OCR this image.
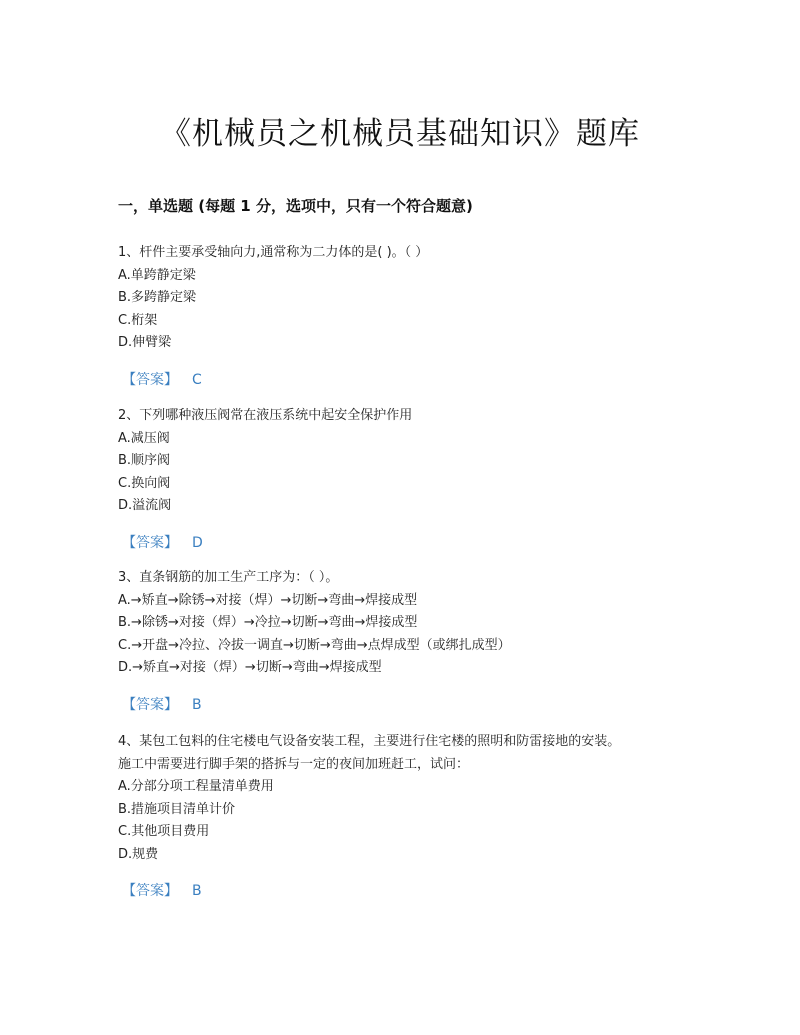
《机械员之机械员基础知识》题库
一，单选题 (每题 1 分，选项中，只有一个符合题意)
1、杆件主要承受轴向力,通常称为二力体的是( )。（ ）
A.单跨静定梁
B.多跨静定梁
C.桁架
D.伸臂梁
【答案】 C
2、下列哪种液压阀常在液压系统中起安全保护作用
A.减压阀
B.顺序阀
C.换向阀
D.溢流阀
【答案】 D
3、直条钢筋的加工生产工序为：（ ）。
A.→矫直→除锈→对接（焊）→切断→弯曲→焊接成型
B.→除锈→对接（焊）→冷拉→切断→弯曲→焊接成型
C.→开盘→冷拉、冷拔一调直→切断→弯曲→点焊成型（或绑扎成型）
D.→矫直→对接（焊）→切断→弯曲→焊接成型
【答案】 B
4、某包工包料的住宅楼电气设备安装工程，主要进行住宅楼的照明和防雷接地的安装。
施工中需要进行脚手架的搭拆与一定的夜间加班赶工，试问：
A.分部分项工程量清单费用
B.措施项目清单计价
C.其他项目费用
D.规费
【答案】 B
